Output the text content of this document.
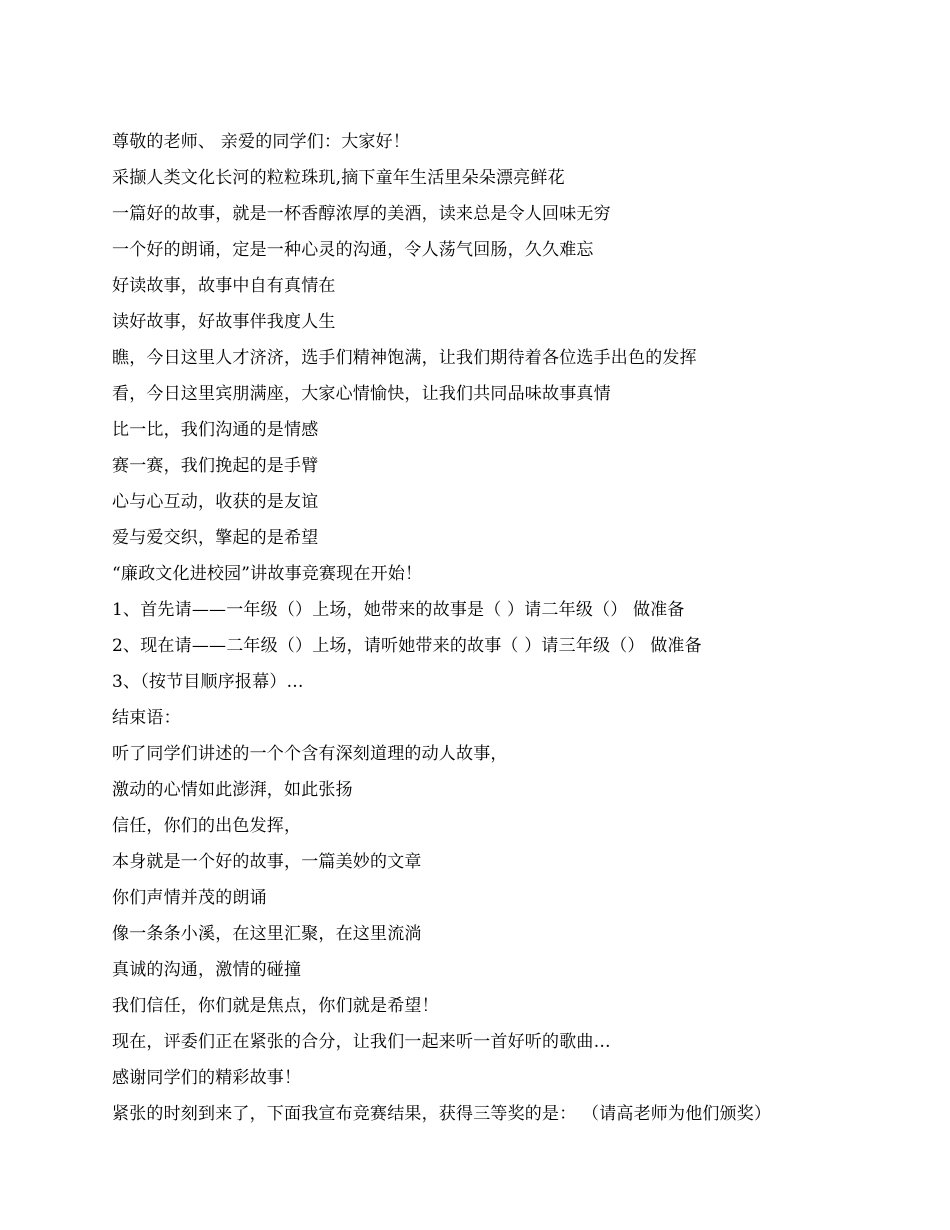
尊敬的老师、 亲爱的同学们：大家好！
采撷人类文化长河的粒粒珠玑,摘下童年生活里朵朵漂亮鲜花
一篇好的故事，就是一杯香醇浓厚的美酒，读来总是令人回味无穷
一个好的朗诵，定是一种心灵的沟通，令人荡气回肠，久久难忘
好读故事，故事中自有真情在
读好故事，好故事伴我度人生
瞧，今日这里人才济济，选手们精神饱满，让我们期待着各位选手出色的发挥
看，今日这里宾朋满座，大家心情愉快，让我们共同品味故事真情
比一比，我们沟通的是情感
赛一赛，我们挽起的是手臂
心与心互动，收获的是友谊
爱与爱交织，擎起的是希望
“廉政文化进校园”讲故事竞赛现在开始！
1、首先请——一年级（）上场，她带来的故事是（ ）请二年级（） 做准备
2、现在请——二年级（）上场，请听她带来的故事（ ）请三年级（） 做准备
3、（按节目顺序报幕）…
结束语：
听了同学们讲述的一个个含有深刻道理的动人故事，
激动的心情如此澎湃，如此张扬
信任，你们的出色发挥，
本身就是一个好的故事，一篇美妙的文章
你们声情并茂的朗诵
像一条条小溪，在这里汇聚，在这里流淌
真诚的沟通，激情的碰撞
我们信任，你们就是焦点，你们就是希望！
现在，评委们正在紧张的合分，让我们一起来听一首好听的歌曲…
感谢同学们的精彩故事！
紧张的时刻到来了，下面我宣布竞赛结果，获得三等奖的是： （请高老师为他们颁奖）
